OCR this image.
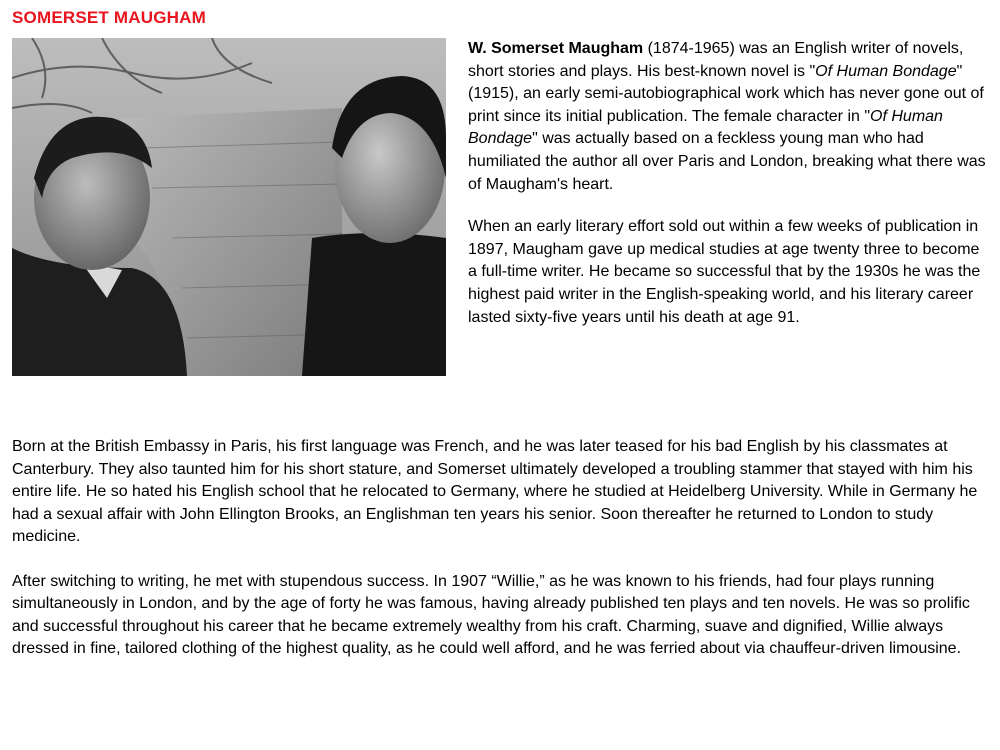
SOMERSET MAUGHAM

W. Somerset Maugham (1874-1965) was an English writer of novels, short stories and plays. His best-known novel is "Of Human Bondage" (1915), an early semi-autobiographical work which has never gone out of print since its initial publication. The female character in "Of Human Bondage" was actually based on a feckless young man who had humiliated the author all over Paris and London, breaking what there was of Maugham's heart.

When an early literary effort sold out within a few weeks of publication in 1897, Maugham gave up medical studies at age twenty three to become a full-time writer. He became so successful that by the 1930s he was the highest paid writer in the English-speaking world, and his literary career lasted sixty-five years until his death at age 91.

Born at the British Embassy in Paris, his first language was French, and he was later teased for his bad English by his classmates at Canterbury. They also taunted him for his short stature, and Somerset ultimately developed a troubling stammer that stayed with him his entire life. He so hated his English school that he relocated to Germany, where he studied at Heidelberg University. While in Germany he had a sexual affair with John Ellington Brooks, an Englishman ten years his senior. Soon thereafter he returned to London to study medicine.

After switching to writing, he met with stupendous success. In 1907 “Willie,” as he was known to his friends, had four plays running simultaneously in London, and by the age of forty he was famous, having already published ten plays and ten novels. He was so prolific and successful throughout his career that he became extremely wealthy from his craft. Charming, suave and dignified, Willie always dressed in fine, tailored clothing of the highest quality, as he could well afford, and he was ferried about via chauffeur-driven limousine.
